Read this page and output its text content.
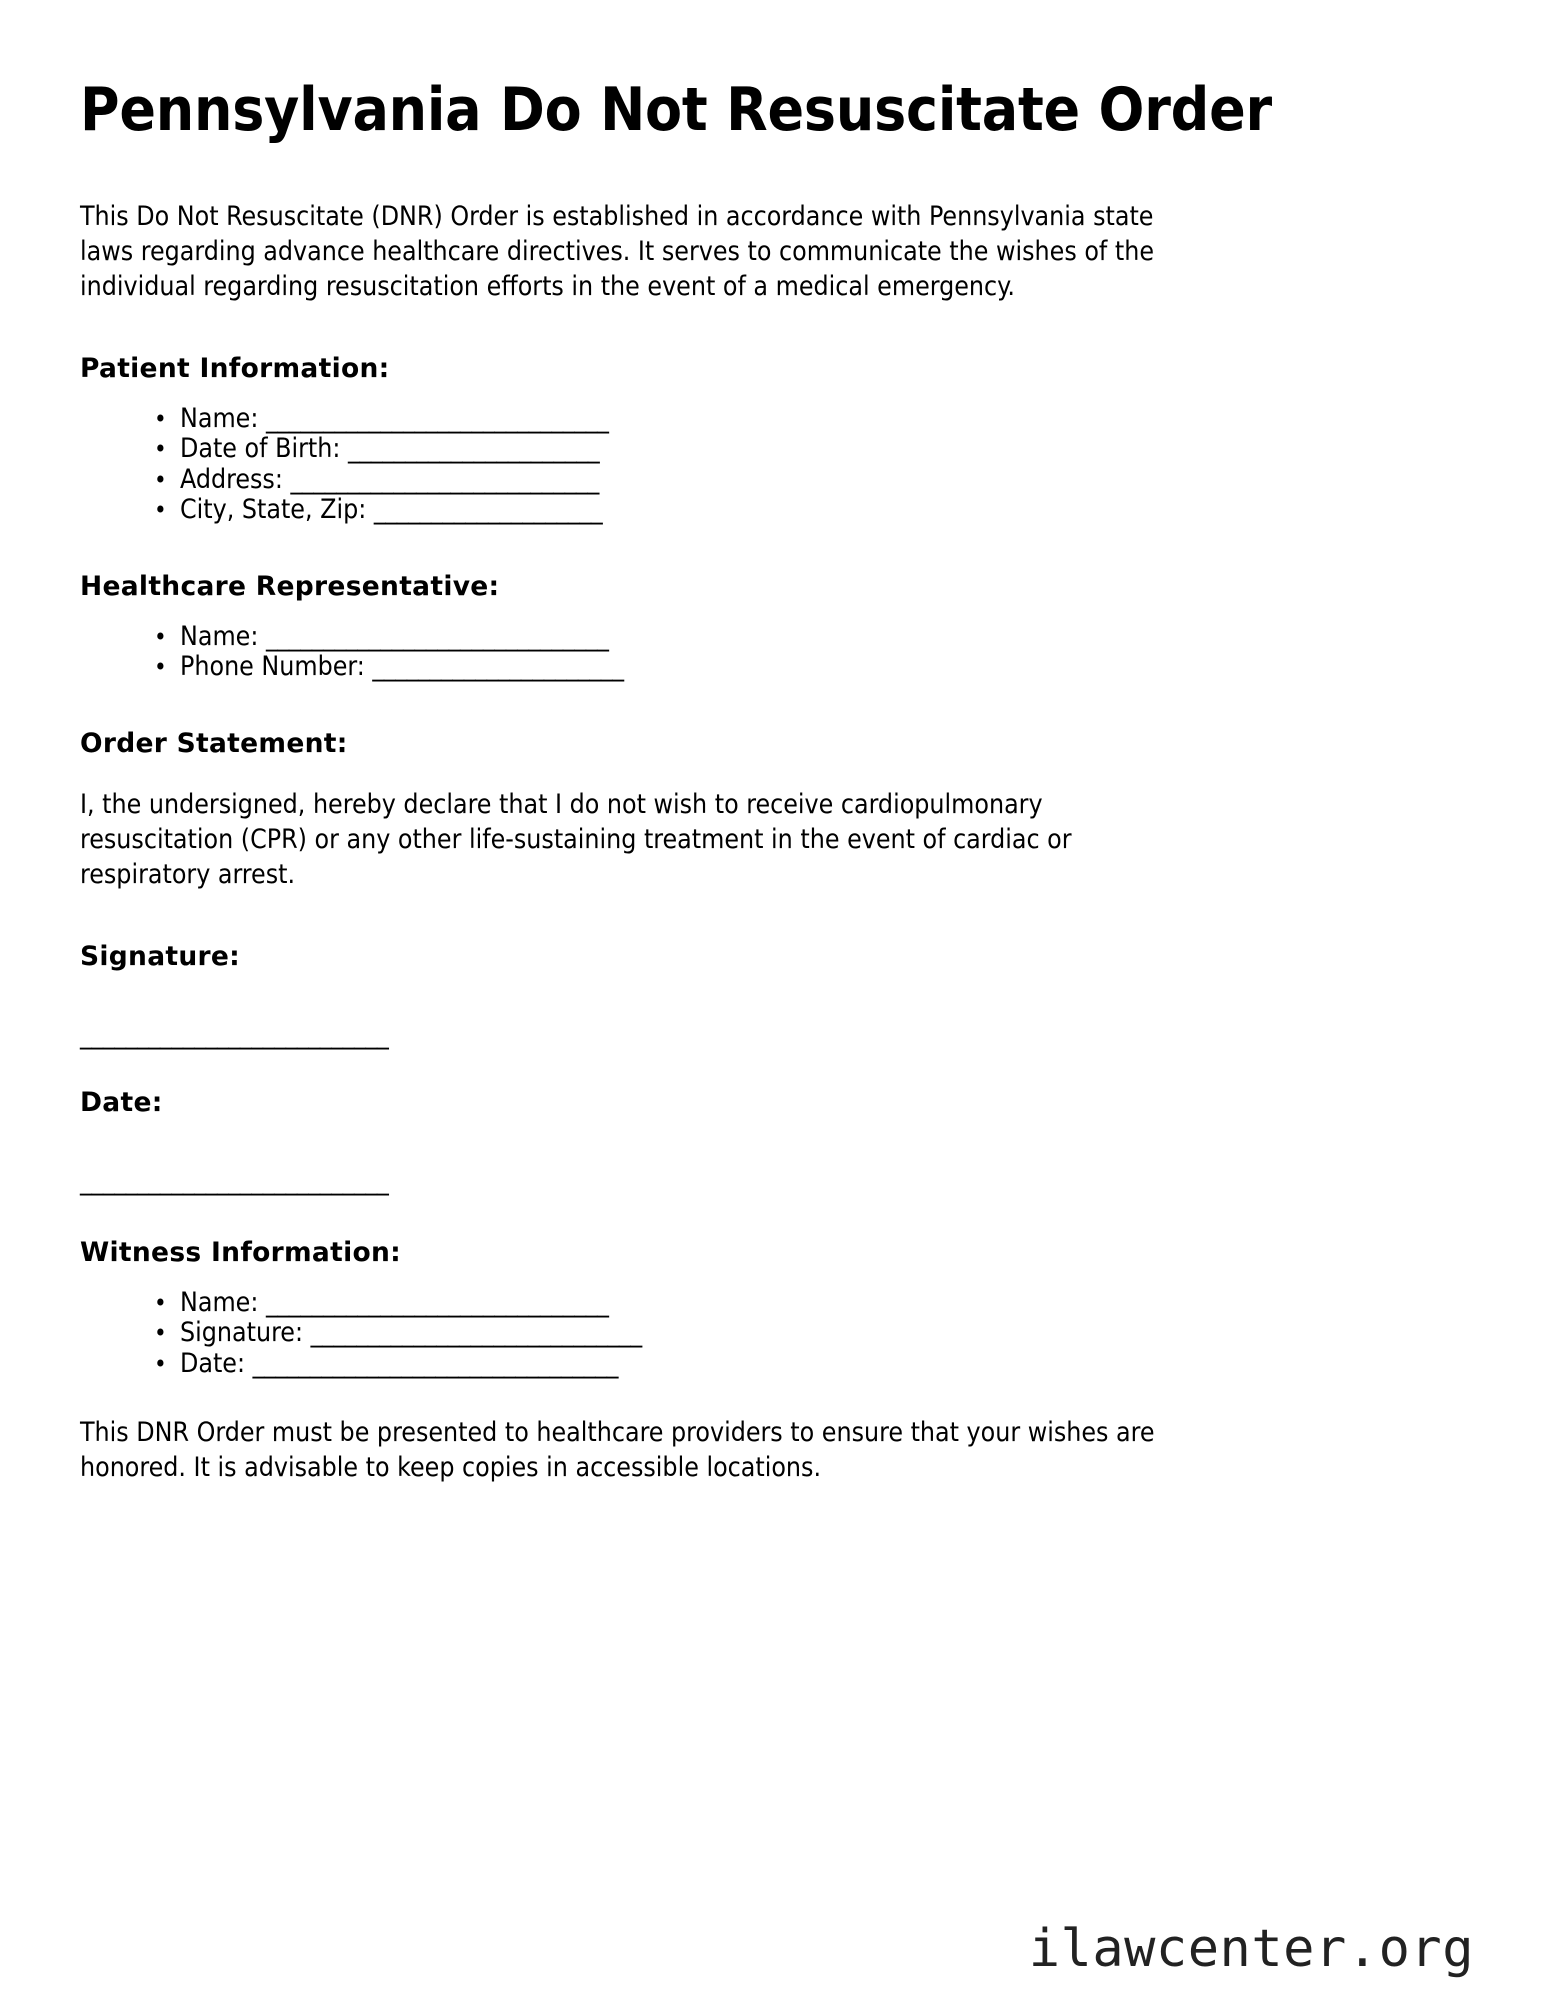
Pennsylvania Do Not Resuscitate Order

This Do Not Resuscitate (DNR) Order is established in accordance with Pennsylvania state laws regarding advance healthcare directives. It serves to communicate the wishes of the individual regarding resuscitation efforts in the event of a medical emergency.

Patient Information:
• Name: ______________________________
• Date of Birth: ______________________
• Address: ___________________________
• City, State, Zip: ____________________
Healthcare Representative:
• Name: ______________________________
• Phone Number: ______________________
Order Statement:

I, the undersigned, hereby declare that I do not wish to receive cardiopulmonary resuscitation (CPR) or any other life-sustaining treatment in the event of cardiac or respiratory arrest.

Signature:
___________________________
Date:
___________________________
Witness Information:
• Name: ______________________________
• Signature: _____________________________
• Date: ________________________________

This DNR Order must be presented to healthcare providers to ensure that your wishes are honored. It is advisable to keep copies in accessible locations.

ilawcenter.org
